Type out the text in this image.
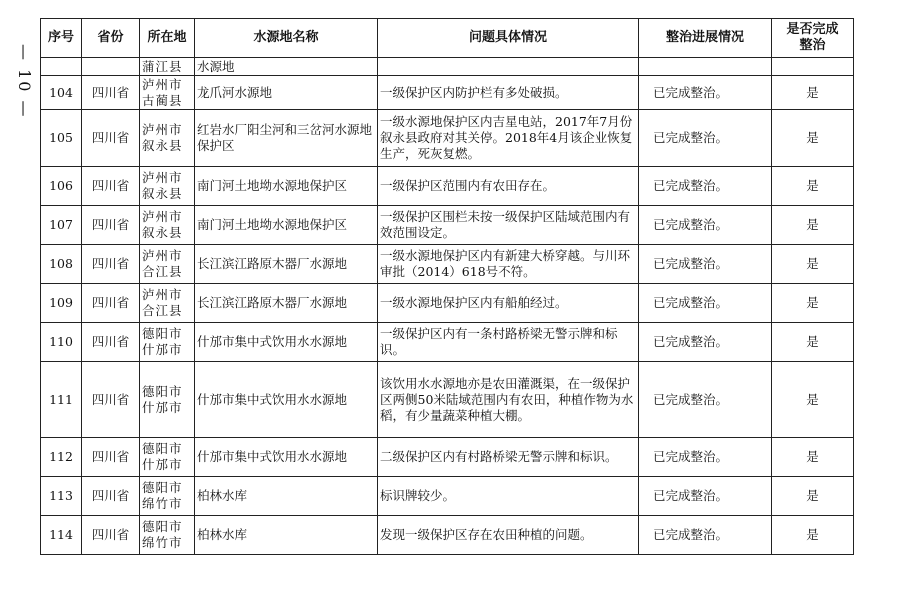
— 10 —
序号	省份	所在地	水源地名称	问题具体情况	整治进展情况	是否完成整治
		蒲江县	水源地			
104	四川省	泸州市古蔺县	龙爪河水源地	一级保护区内防护栏有多处破损。	已完成整治。	是
105	四川省	泸州市叙永县	红岩水厂阳尘河和三岔河水源地保护区	一级水源地保护区内吉星电站，2017年7月份叙永县政府对其关停。2018年4月该企业恢复生产，死灰复燃。	已完成整治。	是
106	四川省	泸州市叙永县	南门河土地坳水源地保护区	一级保护区范围内有农田存在。	已完成整治。	是
107	四川省	泸州市叙永县	南门河土地坳水源地保护区	一级保护区围栏未按一级保护区陆域范围内有效范围设定。	已完成整治。	是
108	四川省	泸州市合江县	长江滨江路原木器厂水源地	一级水源地保护区内有新建大桥穿越。与川环审批（2014）618号不符。	已完成整治。	是
109	四川省	泸州市合江县	长江滨江路原木器厂水源地	一级水源地保护区内有船舶经过。	已完成整治。	是
110	四川省	德阳市什邡市	什邡市集中式饮用水水源地	一级保护区内有一条村路桥梁无警示牌和标识。	已完成整治。	是
111	四川省	德阳市什邡市	什邡市集中式饮用水水源地	该饮用水水源地亦是农田灌溉渠，在一级保护区两侧50米陆域范围内有农田，种植作物为水稻，有少量蔬菜种植大棚。	已完成整治。	是
112	四川省	德阳市什邡市	什邡市集中式饮用水水源地	二级保护区内有村路桥梁无警示牌和标识。	已完成整治。	是
113	四川省	德阳市绵竹市	柏林水库	标识牌较少。	已完成整治。	是
114	四川省	德阳市绵竹市	柏林水库	发现一级保护区存在农田种植的问题。	已完成整治。	是
